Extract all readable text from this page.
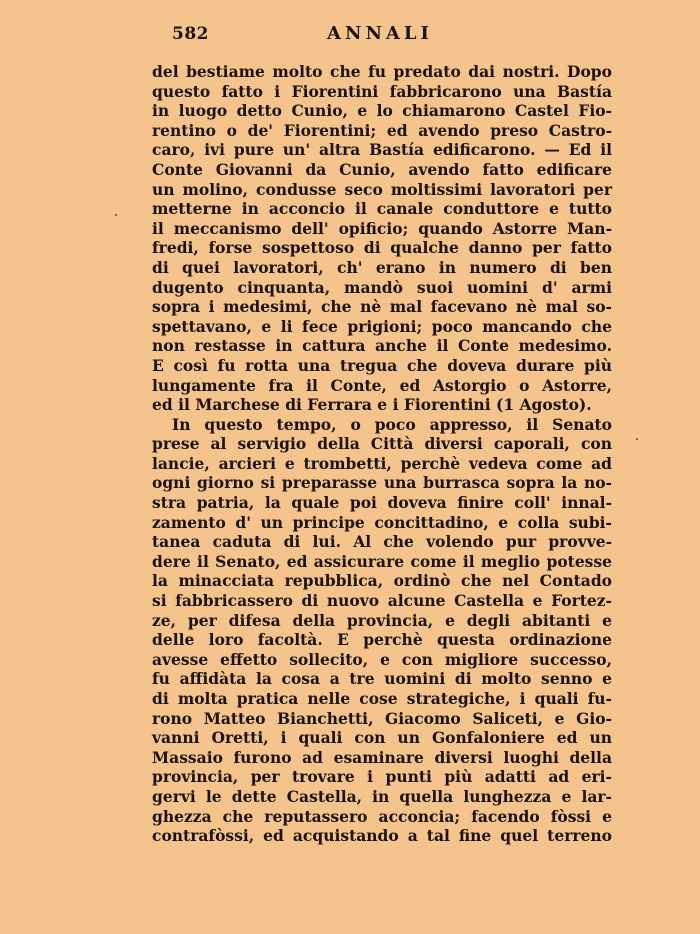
582	ANNALI
del bestiame molto che fu predato dai nostri. Dopo
questo fatto i Fiorentini fabbricarono una Bastía
in luogo detto Cunio, e lo chiamarono Castel Fio-
rentino o de' Fiorentini; ed avendo preso Castro-
caro, ivi pure un' altra Bastía edificarono. — Ed il
Conte Giovanni da Cunio, avendo fatto edificare
un molino, condusse seco moltissimi lavoratori per
metterne in acconcio il canale conduttore e tutto
il meccanismo dell' opificio; quando Astorre Man-
fredi, forse sospettoso di qualche danno per fatto
di quei lavoratori, ch' erano in numero di ben
dugento cinquanta, mandò suoi uomini d' armi
sopra i medesimi, che nè mal facevano nè mal so-
spettavano, e li fece prigioni; poco mancando che
non restasse in cattura anche il Conte medesimo.
E così fu rotta una tregua che doveva durare più
lungamente fra il Conte, ed Astorgio o Astorre,
ed il Marchese di Ferrara e i Fiorentini (1 Agosto).
In questo tempo, o poco appresso, il Senato
prese al servigio della Città diversi caporali, con
lancie, arcieri e trombetti, perchè vedeva come ad
ogni giorno si preparasse una burrasca sopra la no-
stra patria, la quale poi doveva finire coll' innal-
zamento d' un principe concittadino, e colla subi-
tanea caduta di lui. Al che volendo pur provve-
dere il Senato, ed assicurare come il meglio potesse
la minacciata repubblica, ordinò che nel Contado
si fabbricassero di nuovo alcune Castella e Fortez-
ze, per difesa della provincia, e degli abitanti e
delle loro facoltà. E perchè questa ordinazione
avesse effetto sollecito, e con migliore successo,
fu affidàta la cosa a tre uomini di molto senno e
di molta pratica nelle cose strategiche, i quali fu-
rono Matteo Bianchetti, Giacomo Saliceti, e Gio-
vanni Oretti, i quali con un Gonfaloniere ed un
Massaio furono ad esaminare diversi luoghi della
provincia, per trovare i punti più adatti ad eri-
gervi le dette Castella, in quella lunghezza e lar-
ghezza che reputassero acconcia; facendo fòssi e
contrafòssi, ed acquistando a tal fine quel terreno
